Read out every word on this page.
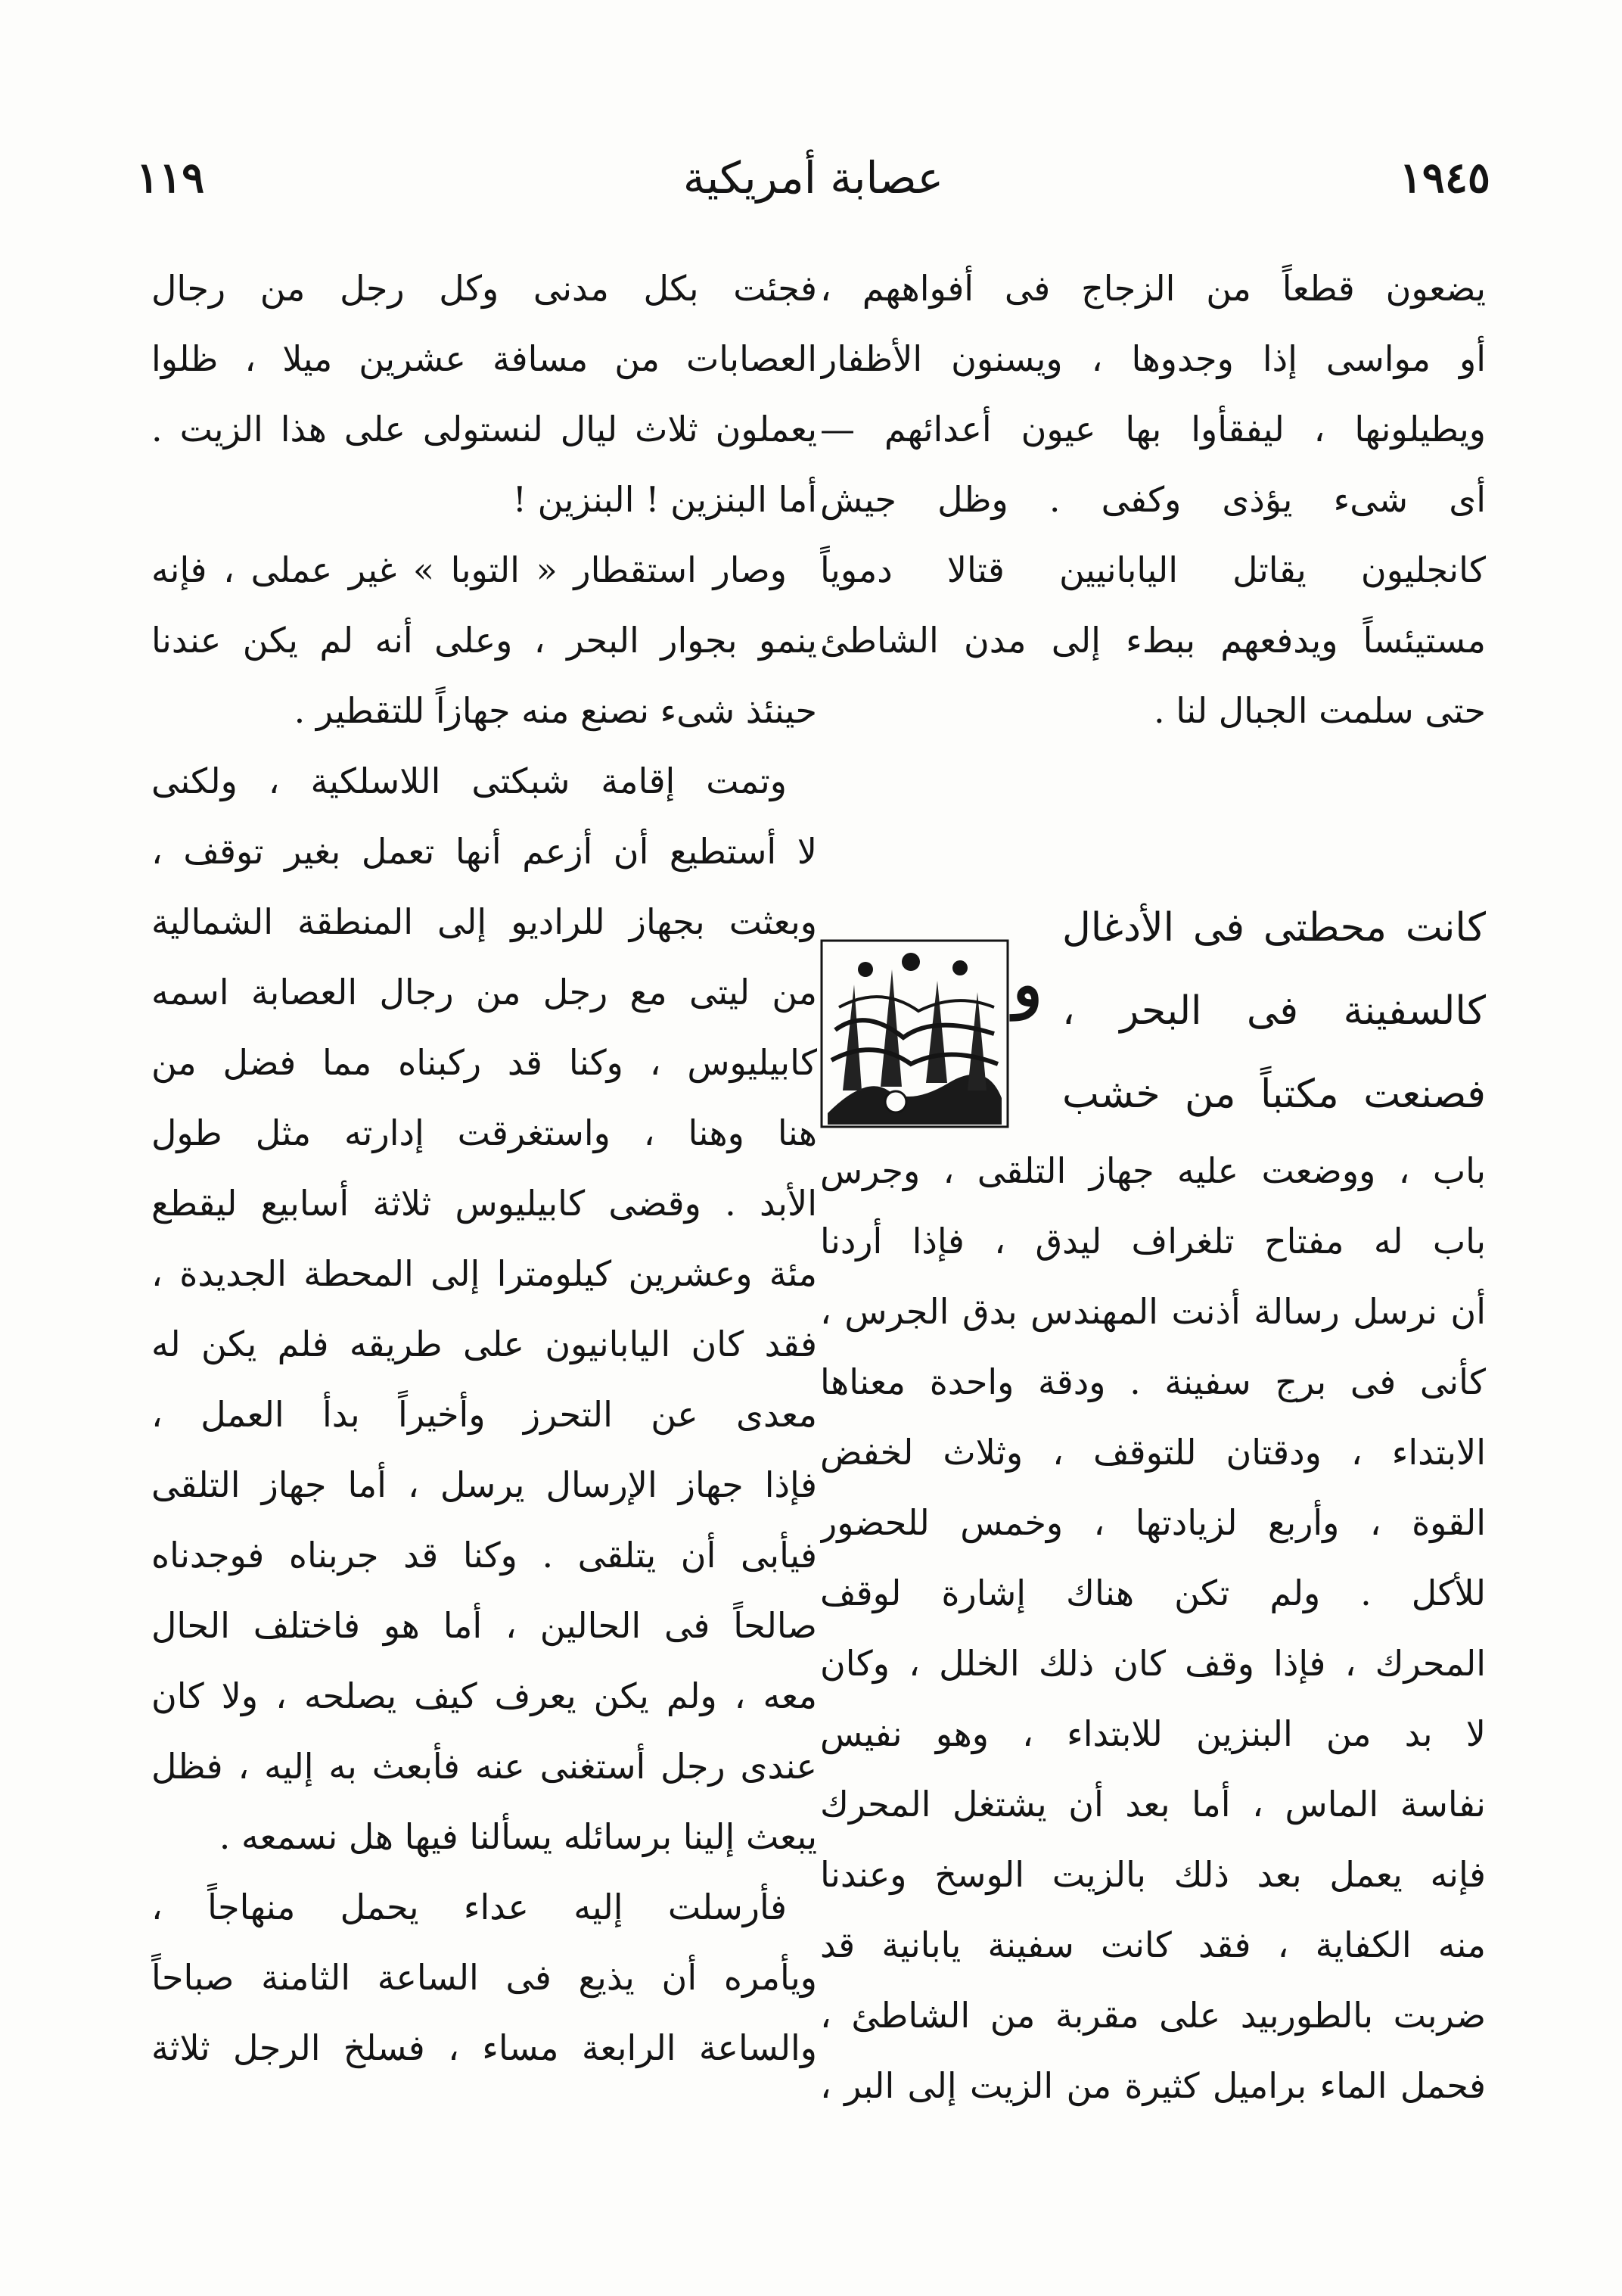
١٩٤٥
عصابة أمريكية
١١٩
يضعون قطعاً من الزجاج فى أفواههم ،
أو مواسى إذا وجدوها ، ويسنون الأظفار
ويطيلونها ، ليفقأوا بها عيون أعدائهم —
أى شىء يؤذى وكفى . وظل جيش
كانجليون يقاتل اليابانيين قتالا دموياً
مستيئساً ويدفعهم ببطء إلى مدن الشاطئ
حتى سلمت الجبال لنا .
و
كانت محطتى فى الأدغال
كالسفينة فى البحر ،
فصنعت مكتباً من خشب
باب ، ووضعت عليه جهاز التلقى ، وجرس
باب له مفتاح تلغراف ليدق ، فإذا أردنا
أن نرسل رسالة أذنت المهندس بدق الجرس ،
كأنى فى برج سفينة . ودقة واحدة معناها
الابتداء ، ودقتان للتوقف ، وثلاث لخفض
القوة ، وأربع لزيادتها ، وخمس للحضور
للأكل . ولم تكن هناك إشارة لوقف
المحرك ، فإذا وقف كان ذلك الخلل ، وكان
لا بد من البنزين للابتداء ، وهو نفيس
نفاسة الماس ، أما بعد أن يشتغل المحرك
فإنه يعمل بعد ذلك بالزيت الوسخ وعندنا
منه الكفاية ، فقد كانت سفينة يابانية قد
ضربت بالطوربيد على مقربة من الشاطئ ،
فحمل الماء براميل كثيرة من الزيت إلى البر ،
فجئت بكل مدنى وكل رجل من رجال
العصابات من مسافة عشرين ميلا ، ظلوا
يعملون ثلاث ليال لنستولى على هذا الزيت .
أما البنزين ! البنزين !
وصار استقطار « التوبا » غير عملى ، فإنه
ينمو بجوار البحر ، وعلى أنه لم يكن عندنا
حينئذ شىء نصنع منه جهازاً للتقطير .
وتمت إقامة شبكتى اللاسلكية ، ولكنى
لا أستطيع أن أزعم أنها تعمل بغير توقف ،
وبعثت بجهاز للراديو إلى المنطقة الشمالية
من ليتى مع رجل من رجال العصابة اسمه
كابيليوس ، وكنا قد ركبناه مما فضل من
هنا وهنا ، واستغرقت إدارته مثل طول
الأبد . وقضى كابيليوس ثلاثة أسابيع ليقطع
مئة وعشرين كيلومترا إلى المحطة الجديدة ،
فقد كان اليابانيون على طريقه فلم يكن له
معدى عن التحرز وأخيراً بدأ العمل ،
فإذا جهاز الإرسال يرسل ، أما جهاز التلقى
فيأبى أن يتلقى . وكنا قد جربناه فوجدناه
صالحاً فى الحالين ، أما هو فاختلف الحال
معه ، ولم يكن يعرف كيف يصلحه ، ولا كان
عندى رجل أستغنى عنه فأبعث به إليه ، فظل
يبعث إلينا برسائله يسألنا فيها هل نسمعه .
فأرسلت إليه عداء يحمل منهاجاً ،
ويأمره أن يذيع فى الساعة الثامنة صباحاً
والساعة الرابعة مساء ، فسلخ الرجل ثلاثة
